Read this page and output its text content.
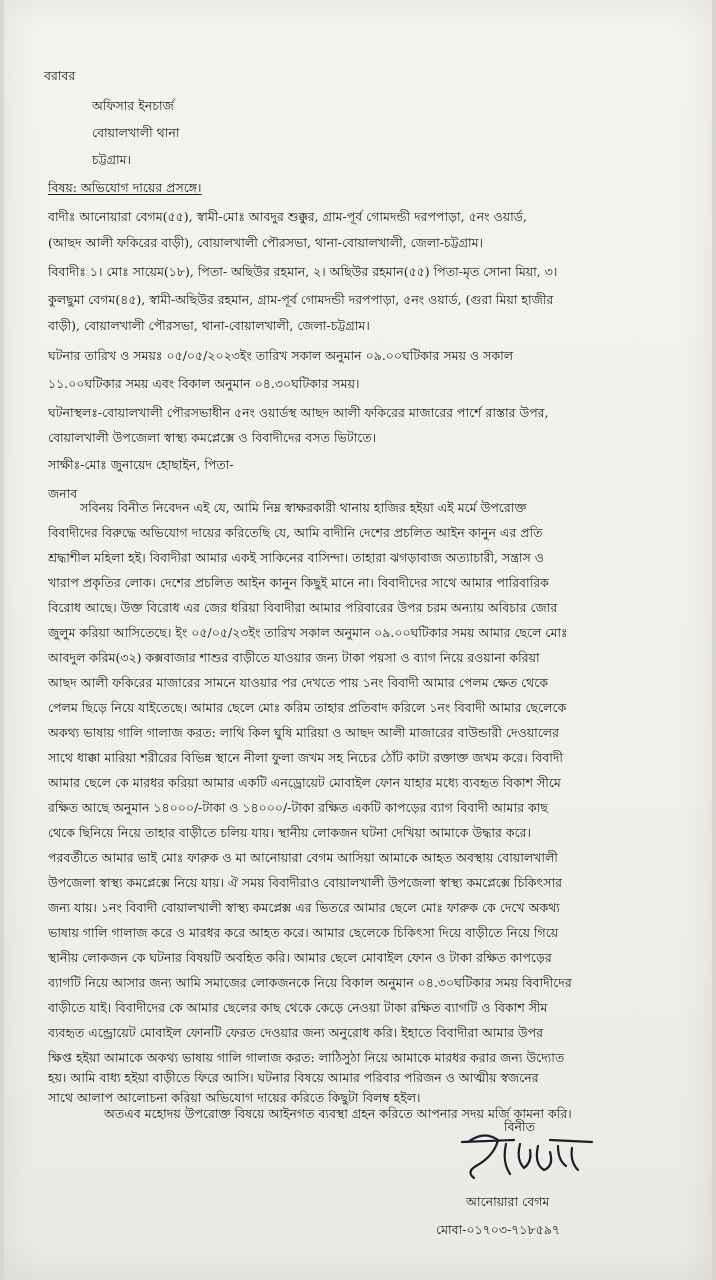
বরাবর
অফিসার ইনচার্জ
বোয়ালখালী থানা
চট্টগ্রাম।
বিষয়: অভিযোগ দায়ের প্রসঙ্গে।
বাদীঃ আনোয়ারা বেগম(৫৫), স্বামী-মোঃ আবদুর শুক্কুর, গ্রাম-পূর্ব গোমদন্ডী দরপপাড়া, ৫নং ওয়ার্ড,
(আছদ আলী ফকিরের বাড়ী), বোয়ালখালী পৌরসভা, থানা-বোয়ালখালী, জেলা-চট্টগ্রাম।
বিবাদীঃ ১। মোঃ সায়েম(১৮), পিতা- অছিউর রহমান, ২। অছিউর রহমান(৫৫) পিতা-মৃত সোনা মিয়া, ৩।
কুলছুমা বেগম(৪৫), স্বামী-অছিউর রহমান, গ্রাম-পূর্ব গোমদন্ডী দরপপাড়া, ৫নং ওয়ার্ড, (গুরা মিয়া হাজীর
বাড়ী), বোয়ালখালী পৌরসভা, থানা-বোয়ালখালী, জেলা-চট্টগ্রাম।
ঘটনার তারিখ ও সময়ঃ ০৫/০৫/২০২৩ইং তারিখ সকাল অনুমান ০৯.০০ঘটিকার সময় ও সকাল
১১.০০ঘটিকার সময় এবং বিকাল অনুমান ০৪.৩০ঘটিকার সময়।
ঘটনাস্থলঃ-বোয়ালখালী পৌরসভাধীন ৫নং ওয়ার্ডস্থ আছদ আলী ফকিরের মাজারের পার্শে রাস্তার উপর,
বোয়ালখালী উপজেলা স্বাস্থ্য কমপ্লেক্সে ও বিবাদীদের বসত ভিটাতে।
সাক্ষীঃ-মোঃ জুনায়েদ হোছাইন, পিতা-
জনাব
সবিনয় বিনীত নিবেদন এই যে, আমি নিম্ন স্বাক্ষরকারী থানায় হাজির হইয়া এই মর্মে উপরোক্ত
বিবাদীদের বিরুদ্ধে অভিযোগ দায়ের করিতেছি যে, আমি বাদীনি দেশের প্রচলিত আইন কানুন এর প্রতি
শ্রদ্ধাশীল মহিলা হই। বিবাদীরা আমার একই সাকিনের বাসিন্দা। তাহারা ঝগড়াবাজ অত্যাচারী, সন্ত্রাস ও
খারাপ প্রকৃতির লোক। দেশের প্রচলিত আইন কানুন কিছুই মানে না। বিবাদীদের সাথে আমার পারিবারিক
বিরোধ আছে। উক্ত বিরোধ এর জের ধরিয়া বিবাদীরা আমার পরিবারের উপর চরম অন্যায় অবিচার জোর
জুলুম করিয়া আসিতেছে। ইং ০৫/০৫/২৩ইং তারিখ সকাল অনুমান ০৯.০০ঘটিকার সময় আমার ছেলে মোঃ
আবদুল করিম(৩২) কক্সবাজার শাশুর বাড়ীতে যাওয়ার জন্য টাকা পয়সা ও ব্যাগ নিয়ে রওয়ানা করিয়া
আছদ আলী ফকিরের মাজারের সামনে যাওয়ার পর দেখতে পায় ১নং বিবাদী আমার পেলম ক্ষেত থেকে
পেলম ছিড়ে নিয়ে যাইতেছে। আমার ছেলে মোঃ করিম তাহার প্রতিবাদ করিলে ১নং বিবাদী আমার ছেলেকে
অকথ্য ভাষায় গালি গালাজ করত: লাথি কিল ঘুষি মারিয়া ও আছদ আলী মাজারের বাউন্ডারী দেওয়ালের
সাথে ধাক্কা মারিয়া শরীরের বিভিন্ন স্থানে নীলা ফুলা জখম সহ নিচের ঠোঁট কাটা রক্তাক্ত জখম করে। বিবাদী
আমার ছেলে কে মারধর করিয়া আমার একটি এনড্রোয়েট মোবাইল ফোন যাহার মধ্যে ব্যবহৃত বিকাশ সীমে
রক্ষিত আছে অনুমান ১৪০০০/-টাকা ও ১৪০০০/-টাকা রক্ষিত একটি কাপড়ের ব্যাগ বিবাদী আমার কাছ
থেকে ছিনিয়ে নিয়ে তাহার বাড়ীতে চলিয় যায়। স্থানীয় লোকজন ঘটনা দেখিয়া আমাকে উদ্ধার করে।
পরবর্তীতে আমার ভাই মোঃ ফারুক ও মা আনোয়ারা বেগম আসিয়া আমাকে আহত অবস্থায় বোয়ালখালী
উপজেলা স্বাস্থ্য কমপ্লেক্সে নিয়ে যায়। ঐ সময় বিবাদীরাও বোয়ালখালী উপজেলা স্বাস্থ্য কমপ্লেক্সে চিকিৎসার
জন্য যায়। ১নং বিবাদী বোয়ালখালী স্বাস্থ্য কমপ্লেক্স এর ভিতরে আমার ছেলে মোঃ ফারুক কে দেখে অকথ্য
ভাষায় গালি গালাজ করে ও মারধর করে আহত করে। আমার ছেলেকে চিকিৎসা দিয়ে বাড়ীতে নিয়ে গিয়ে
স্থানীয় লোকজন কে ঘটনার বিষয়টি অবহিত করি। আমার ছেলে মোবাইল ফোন ও টাকা রক্ষিত কাপড়ের
ব্যাগটি নিয়ে আসার জন্য আমি সমাজের লোকজনকে নিয়ে বিকাল অনুমান ০৪.৩০ঘটিকার সময় বিবাদীদের
বাড়ীতে যাই। বিবাদীদের কে আমার ছেলের কাছ থেকে কেড়ে নেওয়া টাকা রক্ষিত ব্যাগটি ও বিকাশ সীম
ব্যবহৃত এন্ড্রোয়েট মোবাইল ফোনটি ফেরত দেওয়ার জন্য অনুরোধ করি। ইহাতে বিবাদীরা আমার উপর
ক্ষিপ্ত হইয়া আমাকে অকথ্য ভাষায় গালি গালাজ করত: লাঠিসুঠা নিয়ে আমাকে মারধর করার জন্য উদ্যোত
হয়। আমি বাধ্য হইয়া বাড়ীতে ফিরে আসি। ঘটনার বিষয়ে আমার পরিবার পরিজন ও আত্মীয় স্বজনের
সাথে আলাপ আলোচনা করিয়া অভিযোগ দায়ের করিতে কিছুটা বিলম্ব হইল।
অতএব মহোদয় উপরোক্ত বিষয়ে আইনগত ব্যবস্থা গ্রহন করিতে আপনার সদয় মর্জি কামনা করি।
বিনীত
আনোয়ারা বেগম
মোবা-০১৭০৩-৭১৮৫৯৭
